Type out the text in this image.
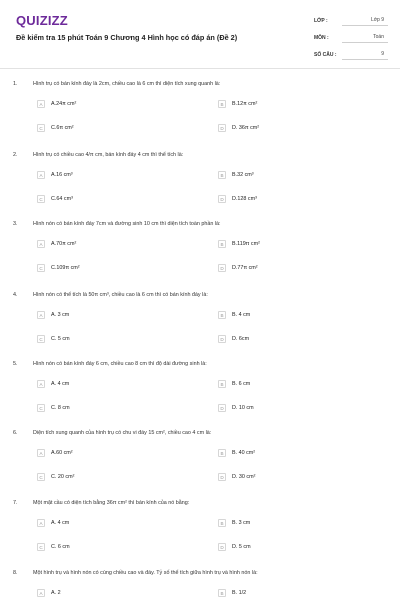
QUIZIZZ
Đề kiểm tra 15 phút Toán 9 Chương 4 Hình học có đáp án (Đề 2)
LỚP :	Lớp 9
MÔN :	Toán
SỐ CÂU :	9
1.	Hình trụ có bán kính đáy là 2cm, chiều cao là 6 cm thì diện tích xung quanh là:
A	A.24π cm²	B	B.12π cm²
C	C.6π cm²	D	D. 36π cm²
2.	Hình trụ có chiều cao 4/π cm, bán kính đáy 4 cm thì thể tích là:
A	A.16 cm³	B	B.32 cm³
C	C.64 cm³	D	D.128 cm³
3.	Hình nón có bán kính đáy 7cm và đường sinh 10 cm thì diện tích toàn phần là:
A	A.70π cm²	B	B.119π cm²
C	C.109π cm²	D	D.77π cm²
4.	Hình nón có thể tích là 50π cm³, chiều cao là 6 cm thì có bán kính đáy là:
A	A. 3 cm	B	B. 4 cm
C	C. 5 cm	D	D. 6cm
5.	Hình nón có bán kính đáy 6 cm, chiều cao 8 cm thì độ dài đường sinh là:
A	A. 4 cm	B	B. 6 cm
C	C. 8 cm	D	D. 10 cm
6.	Diện tích xung quanh của hình trụ có chu vi đáy 15 cm², chiều cao 4 cm là:
A	A.60 cm²	B	B. 40 cm²
C	C. 20 cm²	D	D. 30 cm²
7.	Một mặt cầu có diện tích bằng 36π cm² thì bán kính của nó bằng:
A	A. 4 cm	B	B. 3 cm
C	C. 6 cm	D	D. 5 cm
8.	Một hình trụ và hình nón có cùng chiều cao và đáy. Tỷ số thể tích giữa hình trụ và hình nón là:
A	A. 2	B	B. 1/2
